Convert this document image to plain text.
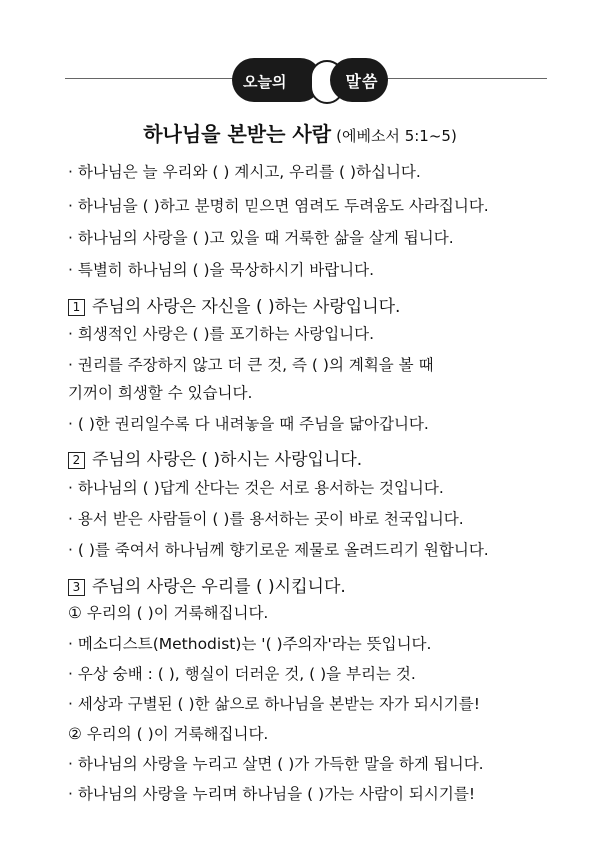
오늘의	말씀
하나님을 본받는 사람 (에베소서 5:1~5)
· 하나님은 늘 우리와 ( ) 계시고, 우리를 ( )하십니다.
· 하나님을 ( )하고 분명히 믿으면 염려도 두려움도 사라집니다.
· 하나님의 사랑을 ( )고 있을 때 거룩한 삶을 살게 됩니다.
· 특별히 하나님의 ( )을 묵상하시기 바랍니다.
1 주님의 사랑은 자신을 ( )하는 사랑입니다.
· 희생적인 사랑은 ( )를 포기하는 사랑입니다.
· 권리를 주장하지 않고 더 큰 것, 즉 ( )의 계획을 볼 때
기꺼이 희생할 수 있습니다.
· ( )한 권리일수록 다 내려놓을 때 주님을 닮아갑니다.
2 주님의 사랑은 ( )하시는 사랑입니다.
· 하나님의 ( )답게 산다는 것은 서로 용서하는 것입니다.
· 용서 받은 사람들이 ( )를 용서하는 곳이 바로 천국입니다.
· ( )를 죽여서 하나님께 향기로운 제물로 올려드리기 원합니다.
3 주님의 사랑은 우리를 ( )시킵니다.
① 우리의 ( )이 거룩해집니다.
· 메소디스트(Methodist)는 '( )주의자'라는 뜻입니다.
· 우상 숭배 : ( ), 행실이 더러운 것, ( )을 부리는 것.
· 세상과 구별된 ( )한 삶으로 하나님을 본받는 자가 되시기를!
② 우리의 ( )이 거룩해집니다.
· 하나님의 사랑을 누리고 살면 ( )가 가득한 말을 하게 됩니다.
· 하나님의 사랑을 누리며 하나님을 ( )가는 사람이 되시기를!
